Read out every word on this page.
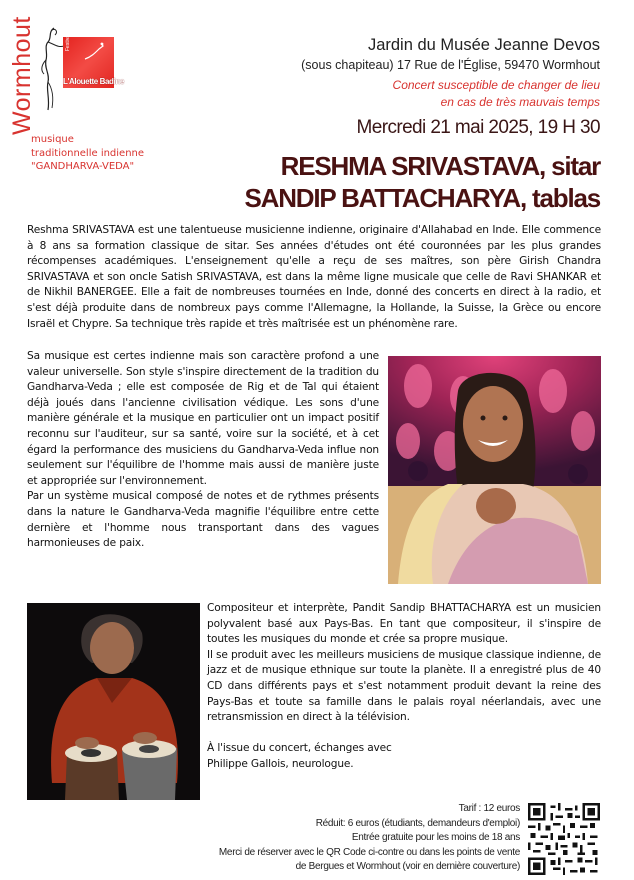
Wormhout	Festival
L'Alouette Badine
musique
traditionnelle indienne
"GANDHARVA-VEDA"
Jardin du Musée Jeanne Devos
(sous chapiteau) 17 Rue de l'Église, 59470 Wormhout
Concert susceptible de changer de lieu
en cas de très mauvais temps
Mercredi 21 mai 2025, 19 H 30
RESHMA SRIVASTAVA, sitar
SANDIP BATTACHARYA, tablas

Reshma SRIVASTAVA est une talentueuse musicienne indienne, originaire d'Allahabad en Inde. Elle commence à 8 ans sa formation classique de sitar. Ses années d'études ont été couronnées par les plus grandes récompenses académiques. L'enseignement qu'elle a reçu de ses maîtres, son père Girish Chandra SRIVASTAVA et son oncle Satish SRIVASTAVA, est dans la même ligne musicale que celle de Ravi SHANKAR et de Nikhil BANERGEE. Elle a fait de nombreuses tournées en Inde, donné des concerts en direct à la radio, et s'est déjà produite dans de nombreux pays comme l'Allemagne, la Hollande, la Suisse, la Grèce ou encore Israël et Chypre. Sa technique très rapide et très maîtrisée est un phénomène rare.

Sa musique est certes indienne mais son caractère profond a une valeur universelle. Son style s'inspire directement de la tradition du Gandharva-Veda ; elle est composée de Rig et de Tal qui étaient déjà joués dans l'ancienne civilisation védique. Les sons d'une manière générale et la musique en particulier ont un impact positif reconnu sur l'auditeur, sur sa santé, voire sur la société, et à cet égard la performance des musiciens du Gandharva-Veda influe non seulement sur l'équilibre de l'homme mais aussi de manière juste et appropriée sur l'environnement.

Par un système musical composé de notes et de rythmes présents dans la nature le Gandharva-Veda magnifie l'équilibre entre cette dernière et l'homme nous transportant dans des vagues harmonieuses de paix.

Compositeur et interprète, Pandit Sandip BHATTACHARYA est un musicien polyvalent basé aux Pays-Bas. En tant que compositeur, il s'inspire de toutes les musiques du monde et crée sa propre musique.

Il se produit avec les meilleurs musiciens de musique classique indienne, de jazz et de musique ethnique sur toute la planète. Il a enregistré plus de 40 CD dans différents pays et s'est notamment produit devant la reine des Pays-Bas et toute sa famille dans le palais royal néerlandais, avec une retransmission en direct à la télévision.

À l'issue du concert, échanges avec

Philippe Gallois, neurologue.

Tarif : 12 euros
Réduit: 6 euros (étudiants, demandeurs d'emploi)
Entrée gratuite pour les moins de 18 ans
Merci de réserver avec le QR Code ci-contre ou dans les points de vente
de Bergues et Wormhout (voir en dernière couverture)
